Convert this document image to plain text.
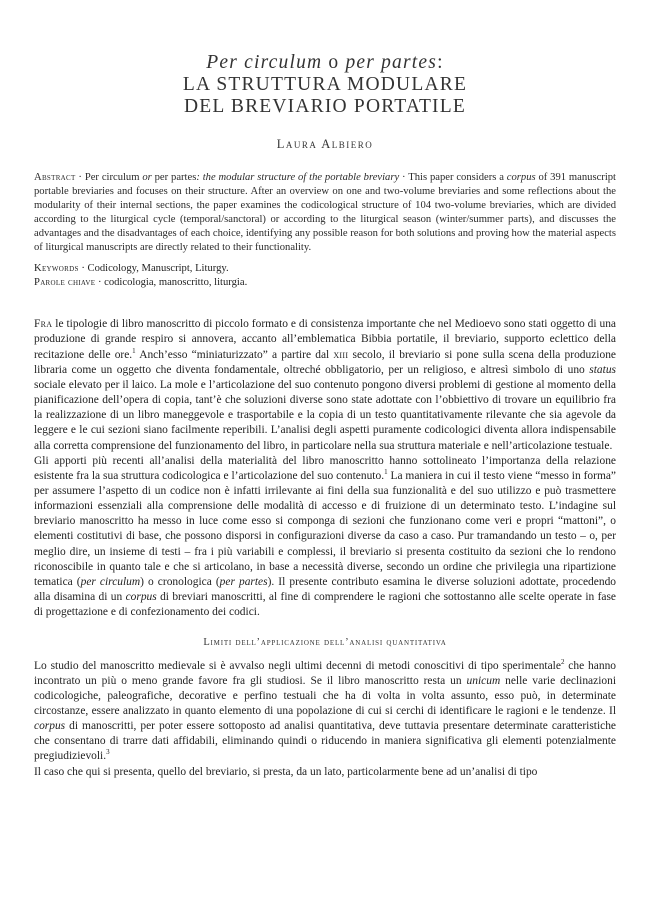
Per circulum o per partes:
LA STRUTTURA MODULARE
DEL BREVIARIO PORTATILE
Laura Albiero
Abstract · Per circulum or per partes: the modular structure of the portable breviary · This paper considers a corpus of 391 manuscript portable breviaries and focuses on their structure. After an overview on one and two-volume breviaries and some reflections about the modularity of their internal sections, the paper examines the codicological structure of 104 two-volume breviaries, which are divided according to the liturgical cycle (temporal/sanctoral) or according to the liturgical season (winter/summer parts), and discusses the advantages and the disadvantages of each choice, identifying any possible reason for both solutions and proving how the material aspects of liturgical manuscripts are directly related to their functionality.
Keywords · Codicology, Manuscript, Liturgy.
Parole chiave · codicologia, manoscritto, liturgia.

Fra le tipologie di libro manoscritto di piccolo formato e di consistenza importante che nel Medioevo sono stati oggetto di una produzione di grande respiro si annovera, accanto all’emblematica Bibbia portatile, il breviario, supporto eclettico della recitazione delle ore.$^1$ Anch’esso “miniaturizzato” a partire dal xiii secolo, il breviario si pone sulla scena della produzione libraria come un oggetto che diventa fondamentale, oltreché obbligatorio, per un religioso, e altresì simbolo di uno status sociale elevato per il laico. La mole e l’articolazione del suo contenuto pongono diversi problemi di gestione al momento della pianificazione dell’opera di copia, tant’è che soluzioni diverse sono state adottate con l’obbiettivo di trovare un equilibrio fra la realizzazione di un libro maneggevole e trasportabile e la copia di un testo quantitativamente rilevante che sia agevole da leggere e le cui sezioni siano facilmente reperibili. L’analisi degli aspetti puramente codicologici diventa allora indispensabile alla corretta comprensione del funzionamento del libro, in particolare nella sua struttura materiale e nell’articolazione testuale.

Gli apporti più recenti all’analisi della materialità del libro manoscritto hanno sottolineato l’importanza della relazione esistente fra la sua struttura codicologica e l’articolazione del suo contenuto.$^1$ La maniera in cui il testo viene “messo in forma” per assumere l’aspetto di un codice non è infatti irrilevante ai fini della sua funzionalità e del suo utilizzo e può trasmettere informazioni essenziali alla comprensione delle modalità di accesso e di fruizione di un determinato testo. L’indagine sul breviario manoscritto ha messo in luce come esso si componga di sezioni che funzionano come veri e propri “mattoni”, o elementi costitutivi di base, che possono disporsi in configurazioni diverse da caso a caso. Pur tramandando un testo – o, per meglio dire, un insieme di testi – fra i più variabili e complessi, il breviario si presenta costituito da sezioni che lo rendono riconoscibile in quanto tale e che si articolano, in base a necessità diverse, secondo un ordine che privilegia una ripartizione tematica (per circulum) o cronologica (per partes). Il presente contributo esamina le diverse soluzioni adottate, procedendo alla disamina di un corpus di breviari manoscritti, al fine di comprendere le ragioni che sottostanno alle scelte operate in fase di progettazione e di confezionamento dei codici.

Limiti dell’applicazione dell’analisi quantitativa

Lo studio del manoscritto medievale si è avvalso negli ultimi decenni di metodi conoscitivi di tipo sperimentale$^2$ che hanno incontrato un più o meno grande favore fra gli studiosi. Se il libro manoscritto resta un unicum nelle varie declinazioni codicologiche, paleografiche, decorative e perfino testuali che ha di volta in volta assunto, esso può, in determinate circostanze, essere analizzato in quanto elemento di una popolazione di cui si cerchi di identificare le ragioni e le tendenze. Il corpus di manoscritti, per poter essere sottoposto ad analisi quantitativa, deve tuttavia presentare determinate caratteristiche che consentano di trarre dati affidabili, eliminando quindi o riducendo in maniera significativa gli elementi potenzialmente pregiudizievoli.$^3$

Il caso che qui si presenta, quello del breviario, si presta, da un lato, particolarmente bene ad un’analisi di tipo
